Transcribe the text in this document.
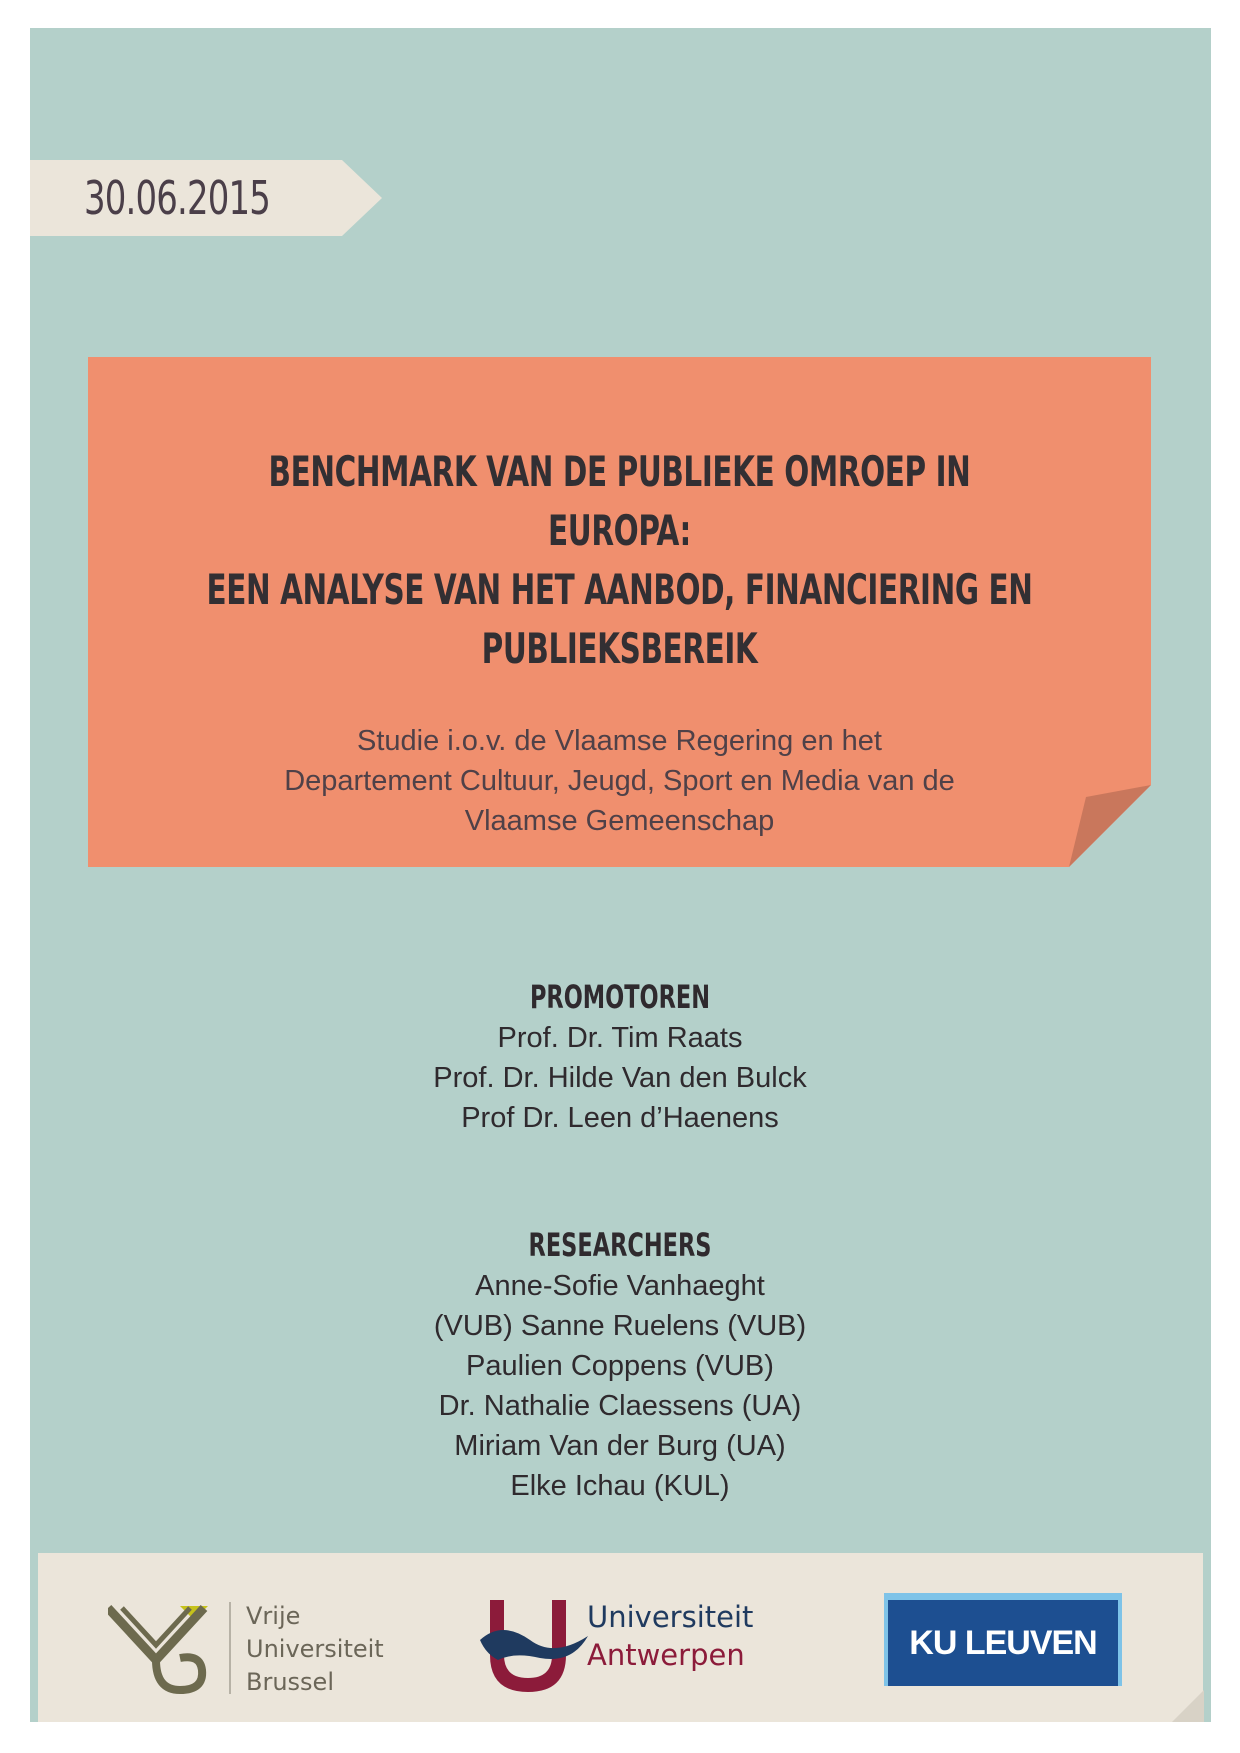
30.06.2015
BENCHMARK VAN DE PUBLIEKE OMROEP IN EUROPA:
EEN ANALYSE VAN HET AANBOD, FINANCIERING EN
PUBLIEKSBEREIK
Studie i.o.v. de Vlaamse Regering en het
Departement Cultuur, Jeugd, Sport en Media van de
Vlaamse Gemeenschap
PROMOTOREN
Prof. Dr. Tim Raats
Prof. Dr. Hilde Van den Bulck
Prof Dr. Leen d’Haenens
RESEARCHERS
Anne-Sofie Vanhaeght
(VUB) Sanne Ruelens (VUB)
Paulien Coppens (VUB)
Dr. Nathalie Claessens (UA)
Miriam Van der Burg (UA)
Elke Ichau (KUL)
Vrije
Universiteit
Brussel
Universiteit
Antwerpen	KU LEUVEN
